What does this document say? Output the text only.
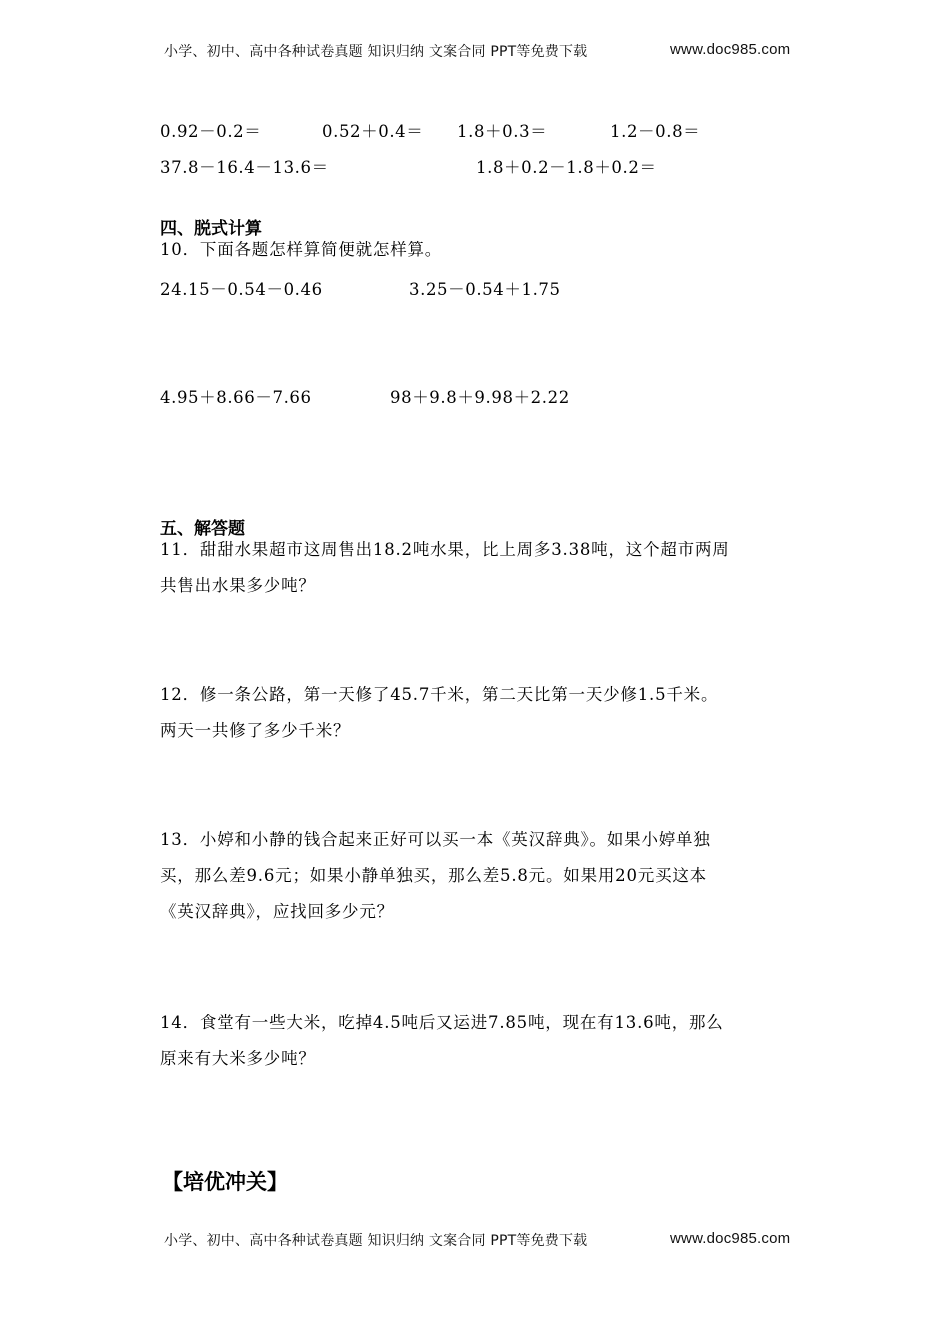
小学、初中、高中各种试卷真题 知识归纳 文案合同 PPT等免费下载	www.doc985.com
0.92－0.2＝	0.52＋0.4＝ 1.8＋0.3＝	1.2－0.8＝
37.8－16.4－13.6＝	1.8＋0.2－1.8＋0.2＝
四、脱式计算
10．下面各题怎样算简便就怎样算。
24.15－0.54－0.46	3.25－0.54＋1.75
4.95＋8.66－7.66	98＋9.8＋9.98＋2.22
五、解答题
11．甜甜水果超市这周售出18.2吨水果，比上周多3.38吨，这个超市两周
共售出水果多少吨？
12．修一条公路，第一天修了45.7千米，第二天比第一天少修1.5千米。
两天一共修了多少千米？
13．小婷和小静的钱合起来正好可以买一本《英汉辞典》。如果小婷单独
买，那么差9.6元；如果小静单独买，那么差5.8元。如果用20元买这本
《英汉辞典》，应找回多少元？
14．食堂有一些大米，吃掉4.5吨后又运进7.85吨，现在有13.6吨，那么
原来有大米多少吨？
【培优冲关】
小学、初中、高中各种试卷真题 知识归纳 文案合同 PPT等免费下载	www.doc985.com
